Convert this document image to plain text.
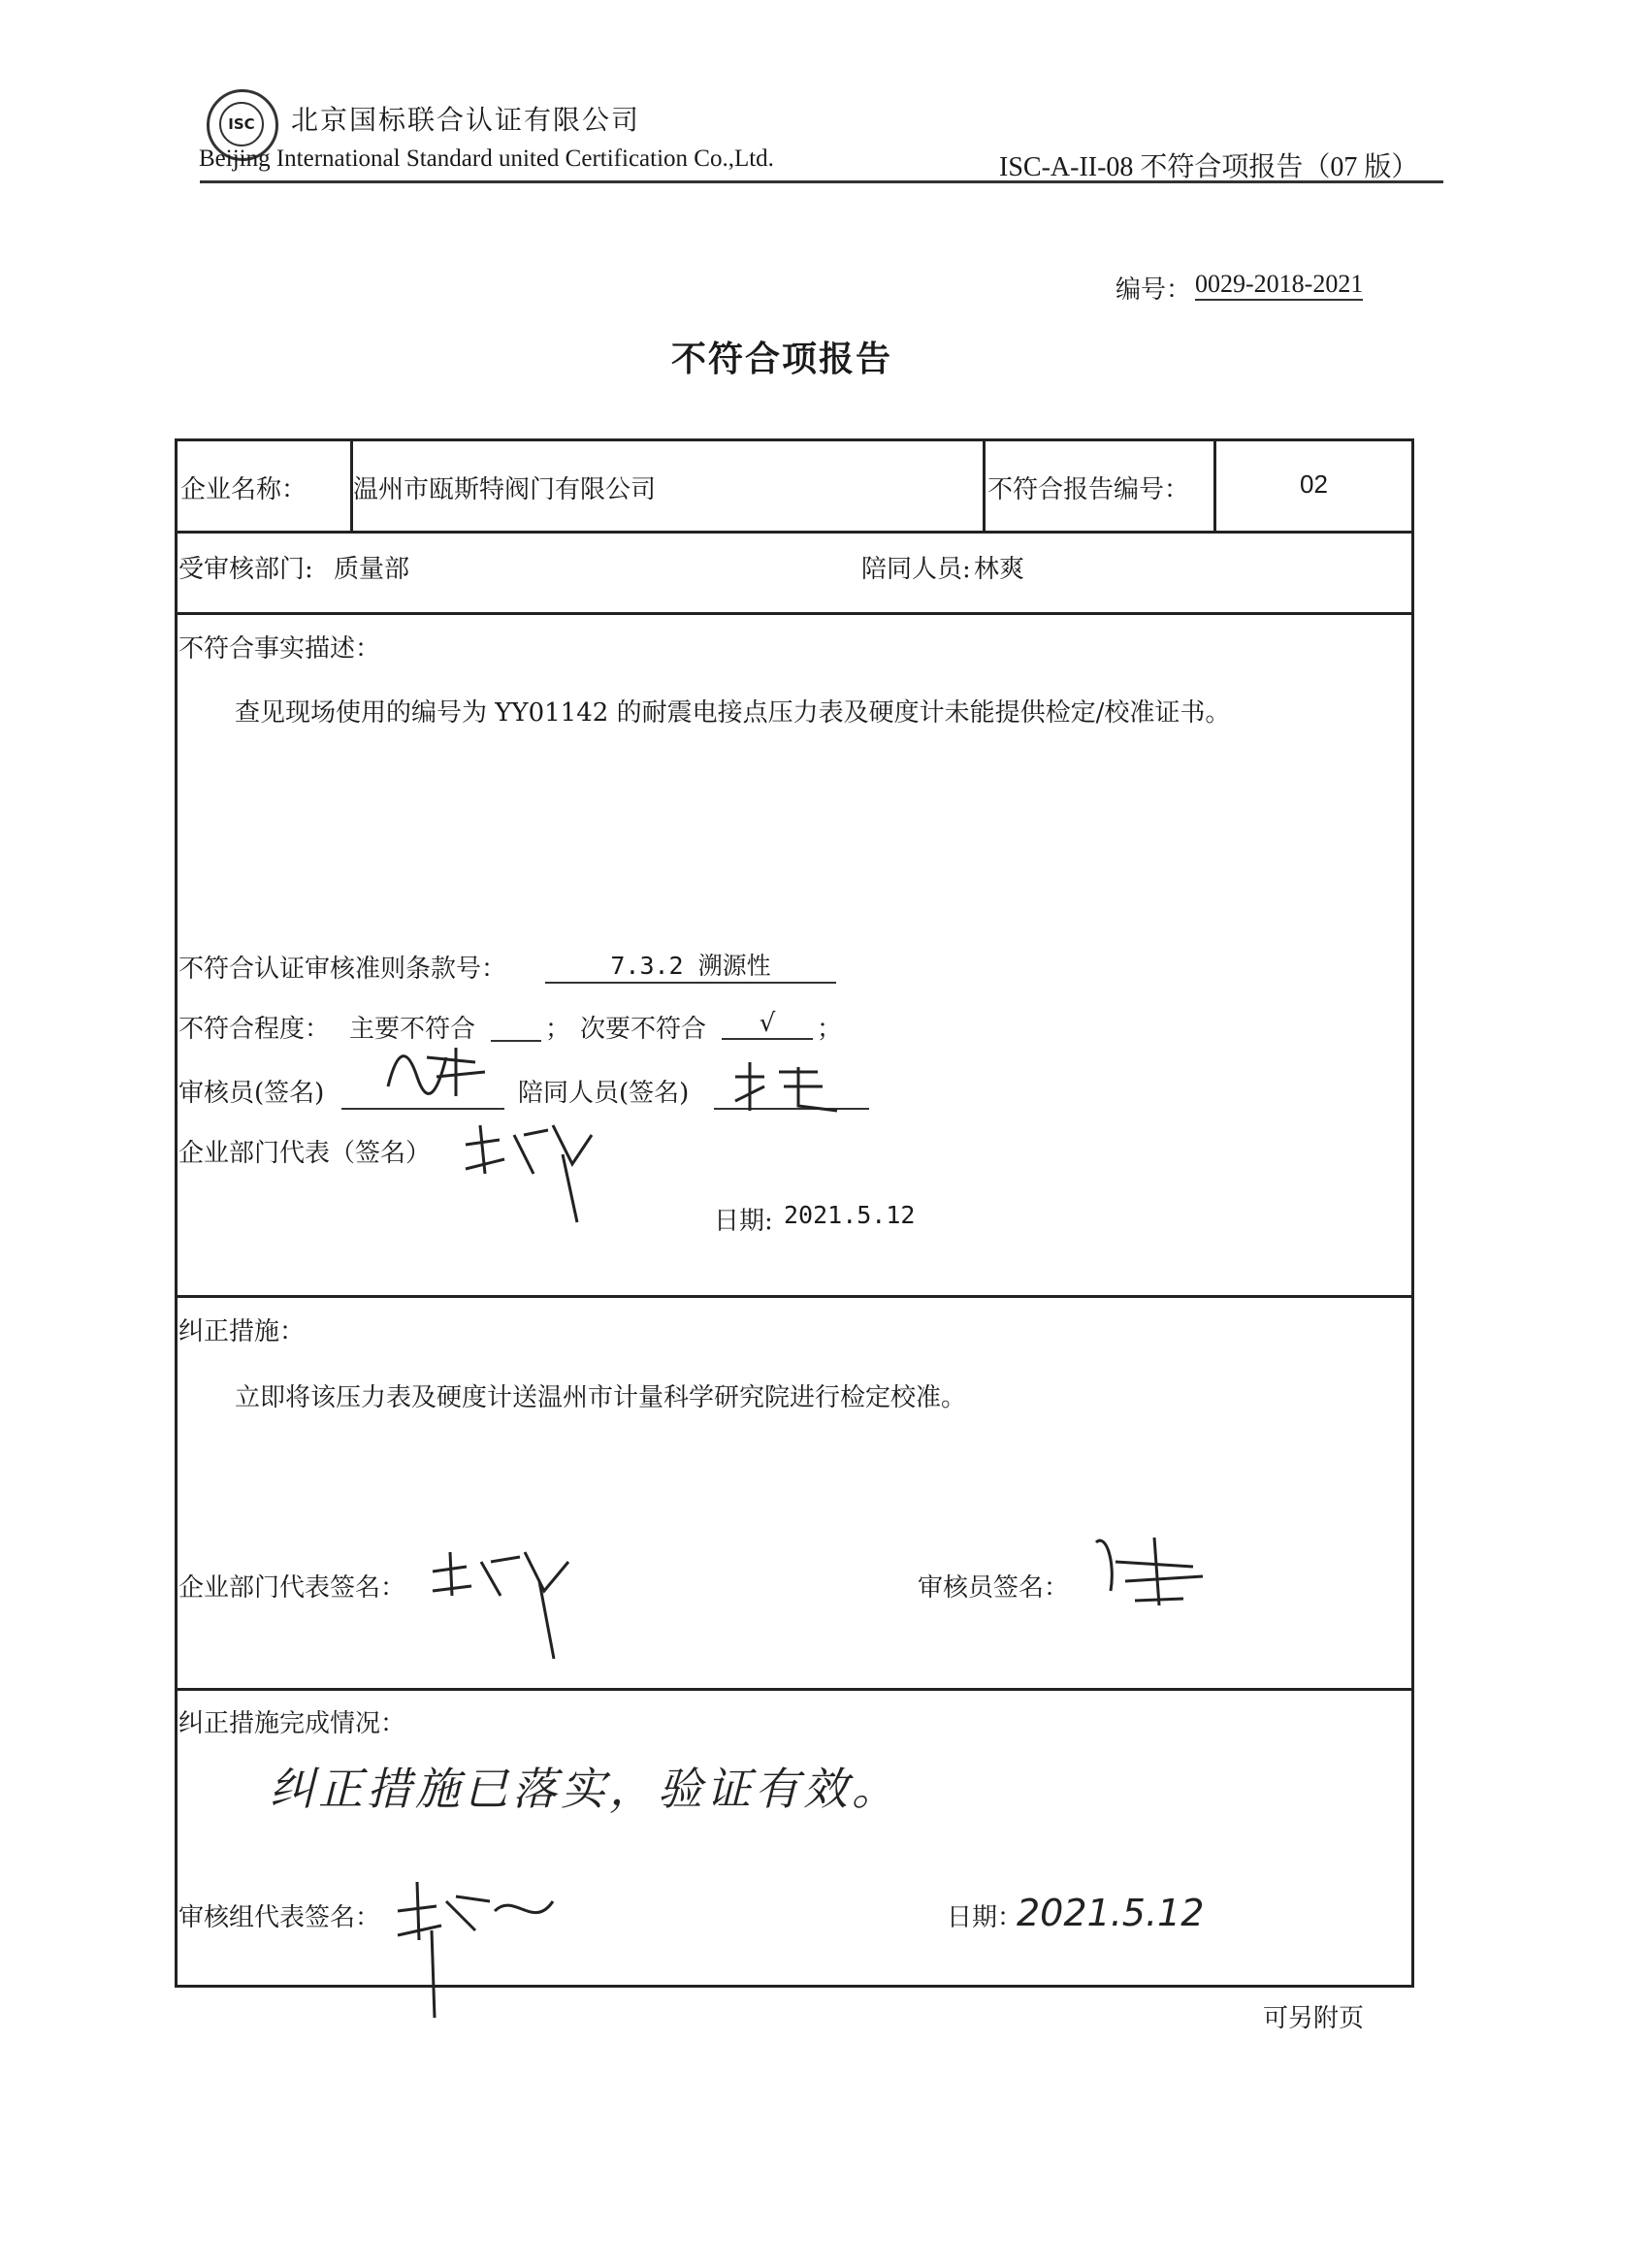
ISC	北京国标联合认证有限公司
Beijing International Standard united Certification Co.,Ltd.	ISC-A-II-08 不符合项报告（07 版）
编号： 0029-2018-2021
不符合项报告
企业名称： 温州市瓯斯特阀门有限公司	不符合报告编号：	02
受审核部门: 质量部	陪同人员: 林爽
不符合事实描述：
查见现场使用的编号为 YY01142 的耐震电接点压力表及硬度计未能提供检定/校准证书。
不符合认证审核准则条款号：	7.3.2 溯源性
不符合程度： 主要不符合	； 次要不符合	√	；
审核员(签名)	陪同人员(签名)
企业部门代表（签名）
日期: 2021.5.12
纠正措施：
立即将该压力表及硬度计送温州市计量科学研究院进行检定校准。
企业部门代表签名：	审核员签名：
纠正措施完成情况：
纠正措施已落实，验证有效。
审核组代表签名：	日期：
2021.5.12
可另附页
